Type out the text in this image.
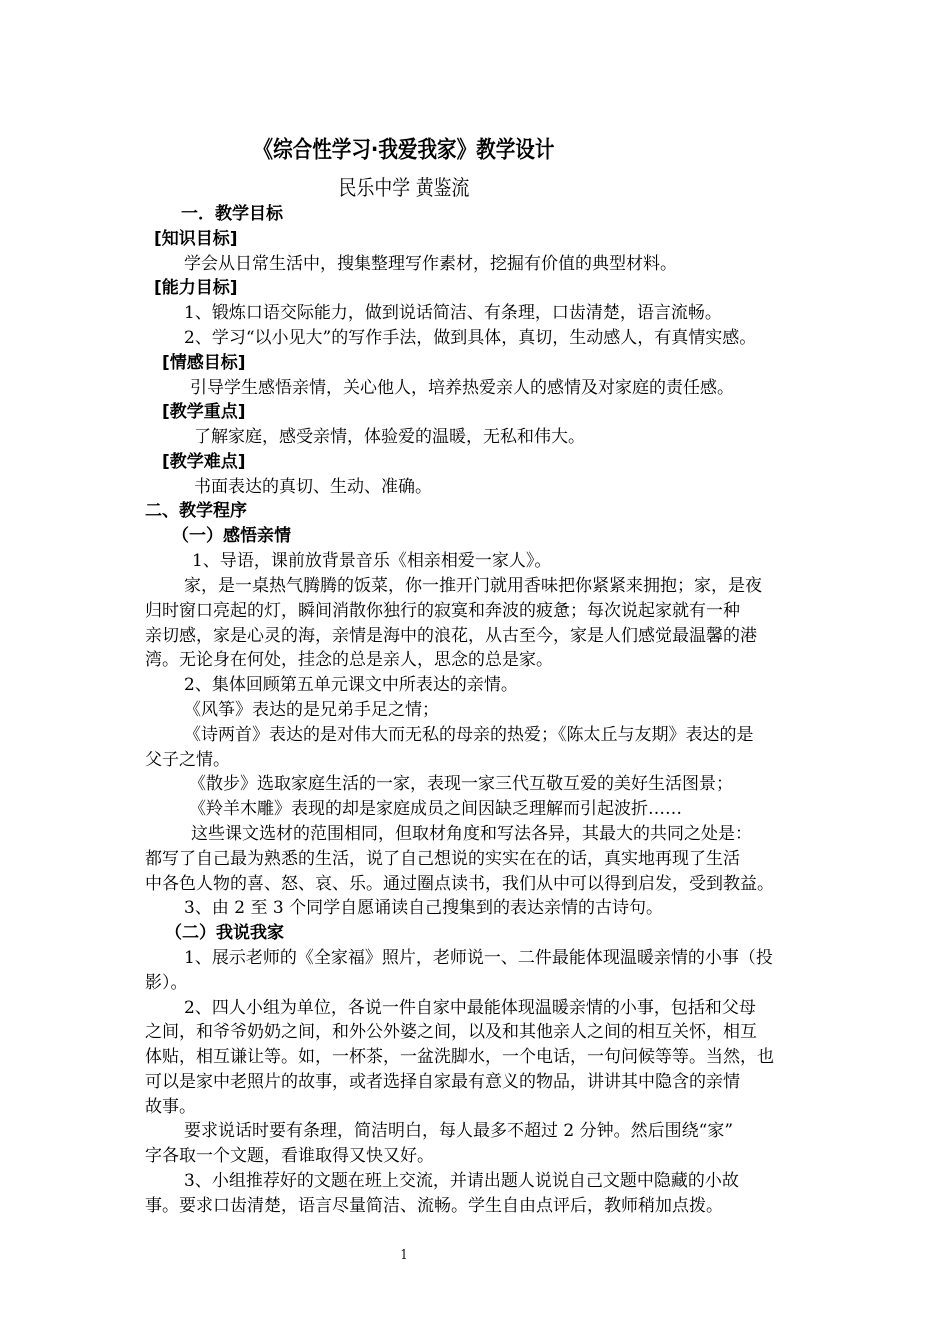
《综合性学习·我爱我家》教学设计
民乐中学 黄鉴流
一．教学目标
[知识目标]
学会从日常生活中，搜集整理写作素材，挖掘有价值的典型材料。
[能力目标]
1、锻炼口语交际能力，做到说话简洁、有条理，口齿清楚，语言流畅。
2、学习“以小见大”的写作手法，做到具体，真切，生动感人，有真情实感。
[情感目标]
引导学生感悟亲情，关心他人，培养热爱亲人的感情及对家庭的责任感。
[教学重点]
了解家庭，感受亲情，体验爱的温暖，无私和伟大。
[教学难点]
书面表达的真切、生动、准确。
二、教学程序
（一）感悟亲情
1、导语，课前放背景音乐《相亲相爱一家人》。
家，是一桌热气腾腾的饭菜，你一推开门就用香味把你紧紧来拥抱；家，是夜
归时窗口亮起的灯，瞬间消散你独行的寂寞和奔波的疲惫；每次说起家就有一种
亲切感，家是心灵的海，亲情是海中的浪花，从古至今，家是人们感觉最温馨的港
湾。无论身在何处，挂念的总是亲人，思念的总是家。
2、集体回顾第五单元课文中所表达的亲情。
《风筝》表达的是兄弟手足之情；
《诗两首》表达的是对伟大而无私的母亲的热爱；《陈太丘与友期》表达的是
父子之情。
《散步》选取家庭生活的一家，表现一家三代互敬互爱的美好生活图景；
《羚羊木雕》表现的却是家庭成员之间因缺乏理解而引起波折……
这些课文选材的范围相同，但取材角度和写法各异，其最大的共同之处是：
都写了自己最为熟悉的生活，说了自己想说的实实在在的话，真实地再现了生活
中各色人物的喜、怒、哀、乐。通过圈点读书，我们从中可以得到启发，受到教益。
3、由 2 至 3 个同学自愿诵读自己搜集到的表达亲情的古诗句。
（二）我说我家
1、展示老师的《全家福》照片，老师说一、二件最能体现温暖亲情的小事（投
影）。
2、四人小组为单位，各说一件自家中最能体现温暖亲情的小事，包括和父母
之间，和爷爷奶奶之间，和外公外婆之间，以及和其他亲人之间的相互关怀，相互
体贴，相互谦让等。如，一杯茶，一盆洗脚水，一个电话，一句问候等等。当然，也
可以是家中老照片的故事，或者选择自家最有意义的物品，讲讲其中隐含的亲情
故事。
要求说话时要有条理，简洁明白，每人最多不超过 2 分钟。然后围绕“家”
字各取一个文题，看谁取得又快又好。
3、小组推荐好的文题在班上交流，并请出题人说说自己文题中隐藏的小故
事。要求口齿清楚，语言尽量简洁、流畅。学生自由点评后，教师稍加点拨。
1
